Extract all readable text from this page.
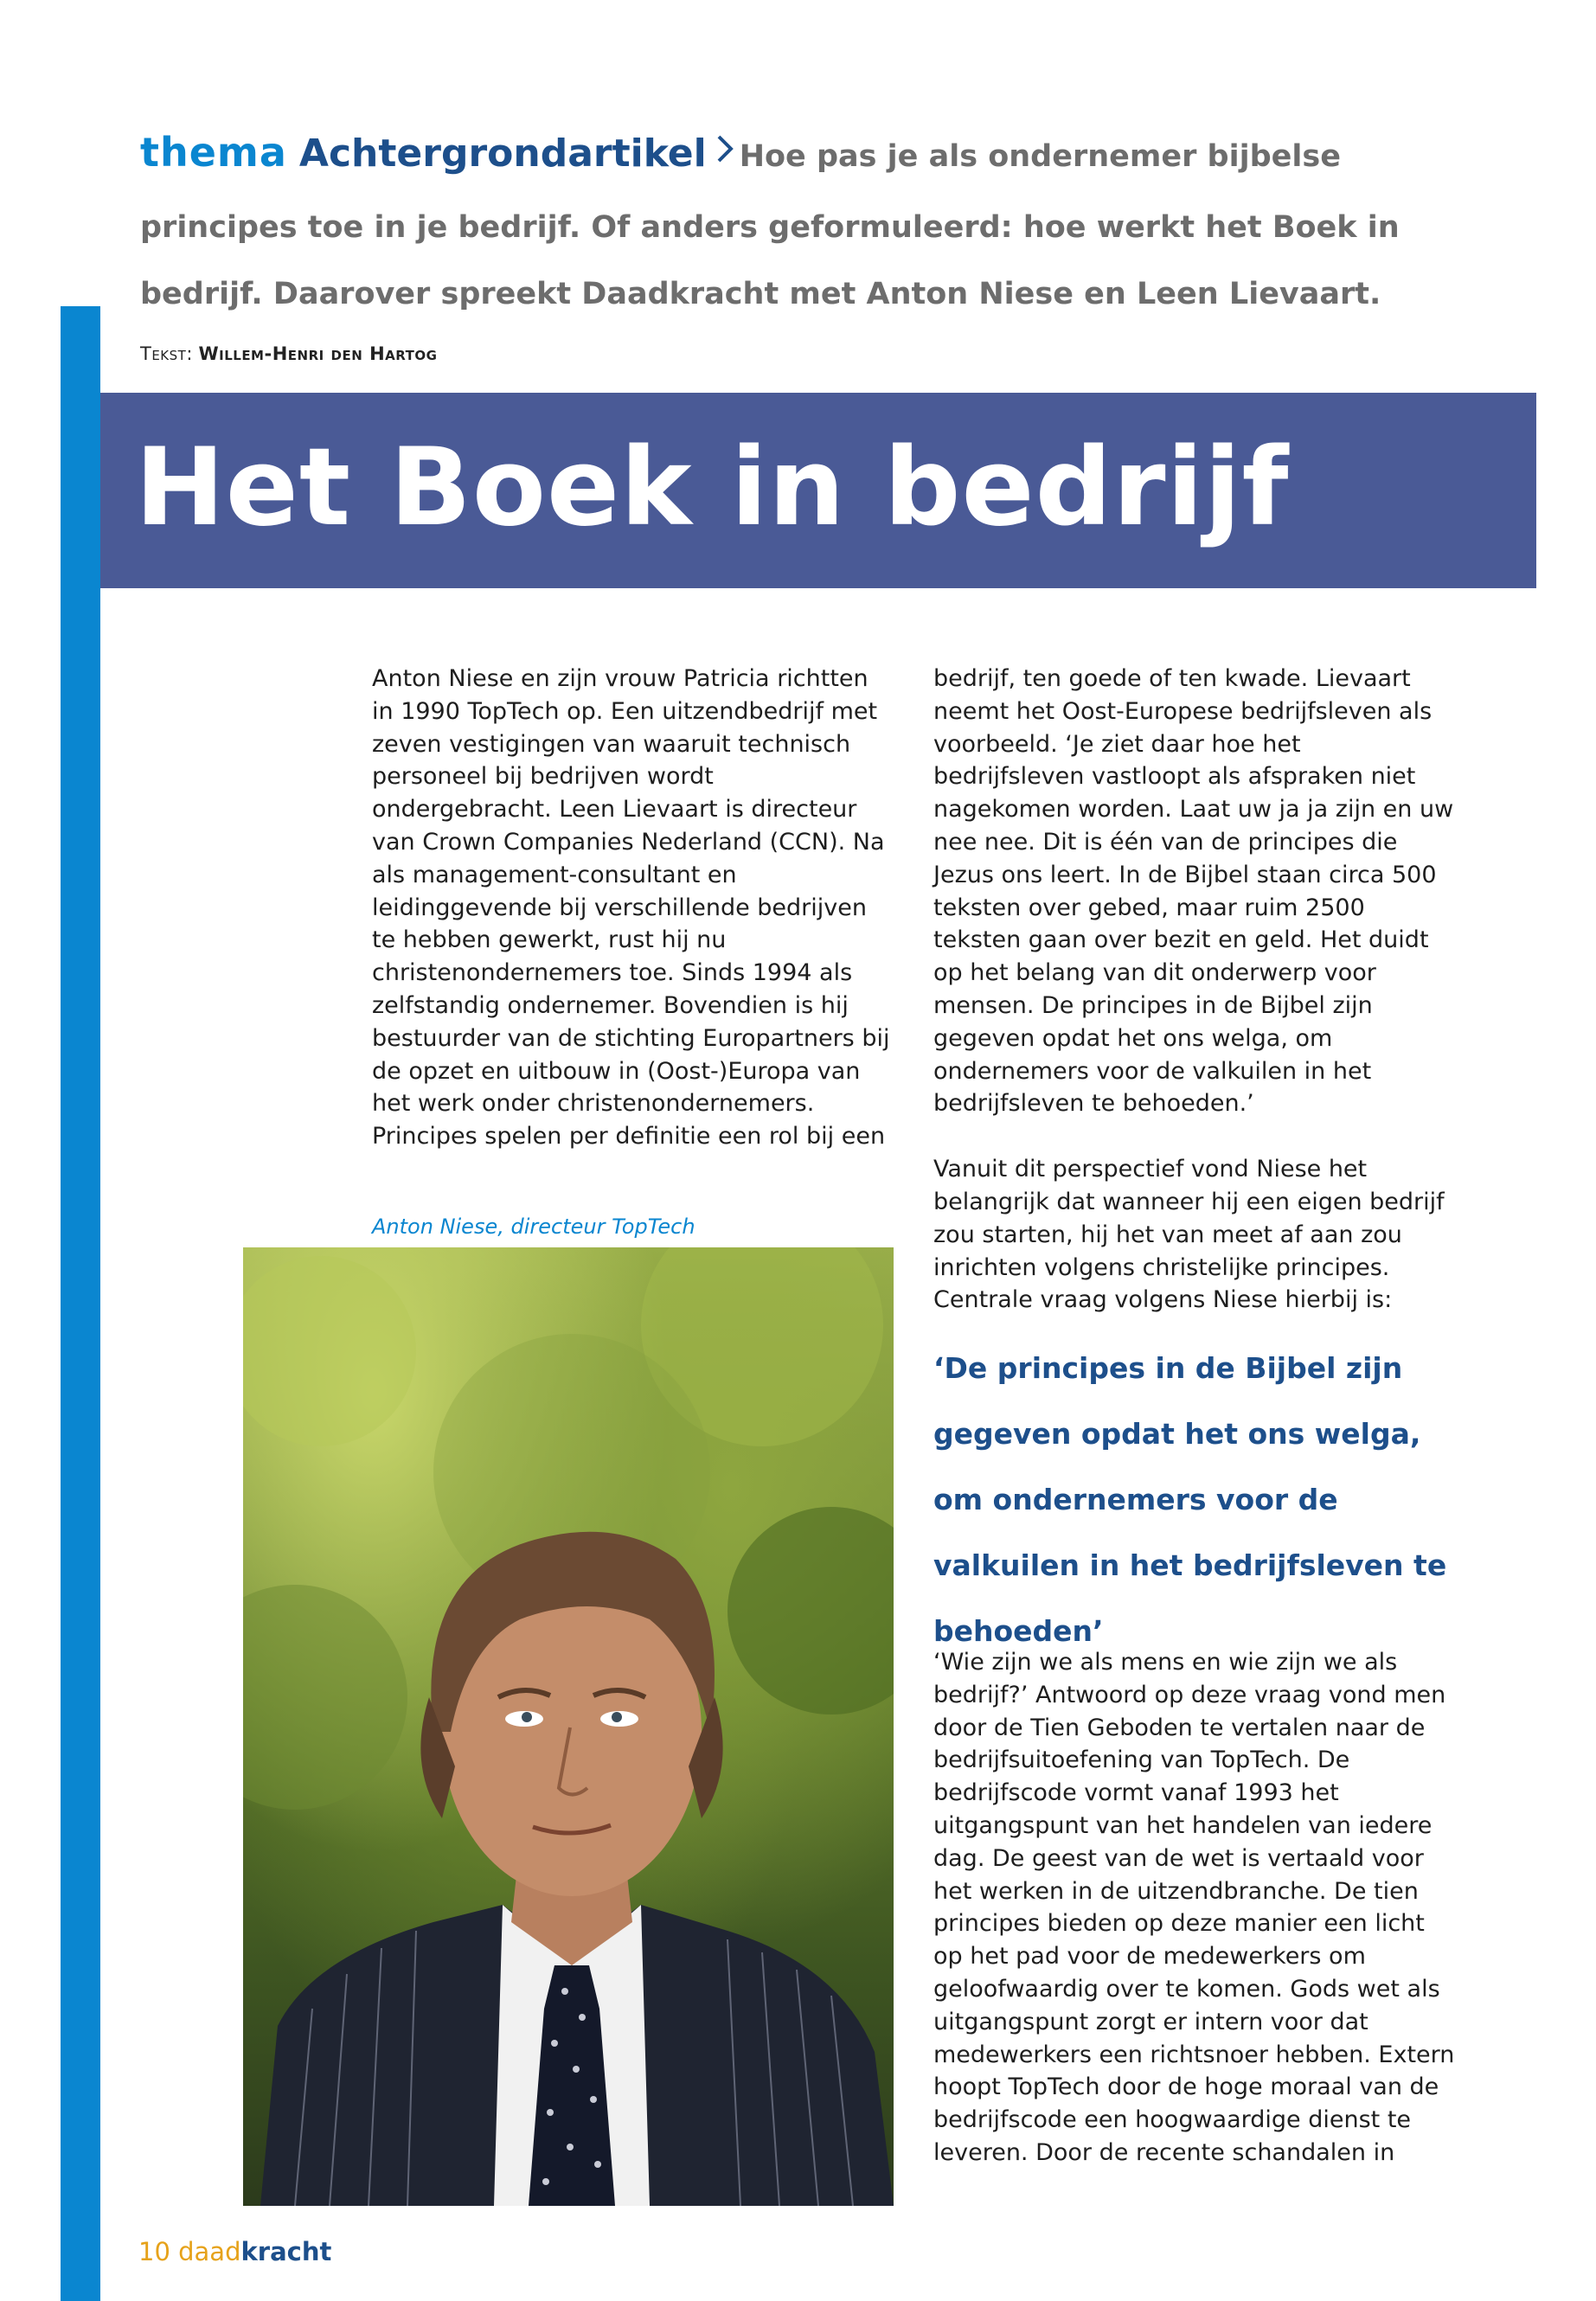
thema Achtergrondartikel Hoe pas je als ondernemer bijbelse principes toe in je bedrijf. Of anders geformuleerd: hoe werkt het Boek in bedrijf. Daarover spreekt Daadkracht met Anton Niese en Leen Lievaart.
Tekst: Willem-Henri den Hartog
Het Boek in bedrijf

Anton Niese en zijn vrouw Patricia richtten in 1990 TopTech op. Een uitzendbedrijf met zeven vestigingen van waaruit technisch personeel bij bedrijven wordt ondergebracht. Leen Lievaart is directeur van Crown Companies Nederland (CCN). Na als management-consultant en leidinggevende bij verschillende bedrijven te hebben gewerkt, rust hij nu christenondernemers toe. Sinds 1994 als zelfstandig ondernemer. Bovendien is hij bestuurder van de stichting Europartners bij de opzet en uitbouw in (Oost-)Europa van het werk onder christenondernemers. Principes spelen per definitie een rol bij een

bedrijf, ten goede of ten kwade. Lievaart neemt het Oost-Europese bedrijfsleven als voorbeeld. ‘Je ziet daar hoe het bedrijfsleven vastloopt als afspraken niet nagekomen worden. Laat uw ja ja zijn en uw nee nee. Dit is één van de principes die Jezus ons leert. In de Bijbel staan circa 500 teksten over gebed, maar ruim 2500 teksten gaan over bezit en geld. Het duidt op het belang van dit onderwerp voor mensen. De principes in de Bijbel zijn gegeven opdat het ons welga, om ondernemers voor de valkuilen in het bedrijfsleven te behoeden.’

Vanuit dit perspectief vond Niese het belangrijk dat wanneer hij een eigen bedrijf zou starten, hij het van meet af aan zou inrichten volgens christelijke principes. Centrale vraag volgens Niese hierbij is:

Anton Niese, directeur TopTech
‘De principes in de Bijbel zijn gegeven opdat het ons welga, om ondernemers voor de valkuilen in het bedrijfsleven te behoeden’

‘Wie zijn we als mens en wie zijn we als bedrijf?’ Antwoord op deze vraag vond men door de Tien Geboden te vertalen naar de bedrijfsuitoefening van TopTech. De bedrijfscode vormt vanaf 1993 het uitgangspunt van het handelen van iedere dag. De geest van de wet is vertaald voor het werken in de uitzendbranche. De tien principes bieden op deze manier een licht op het pad voor de medewerkers om geloofwaardig over te komen. Gods wet als uitgangspunt zorgt er intern voor dat medewerkers een richtsnoer hebben. Extern hoopt TopTech door de hoge moraal van de bedrijfscode een hoogwaardige dienst te leveren. Door de recente schandalen in

10 daadkracht
